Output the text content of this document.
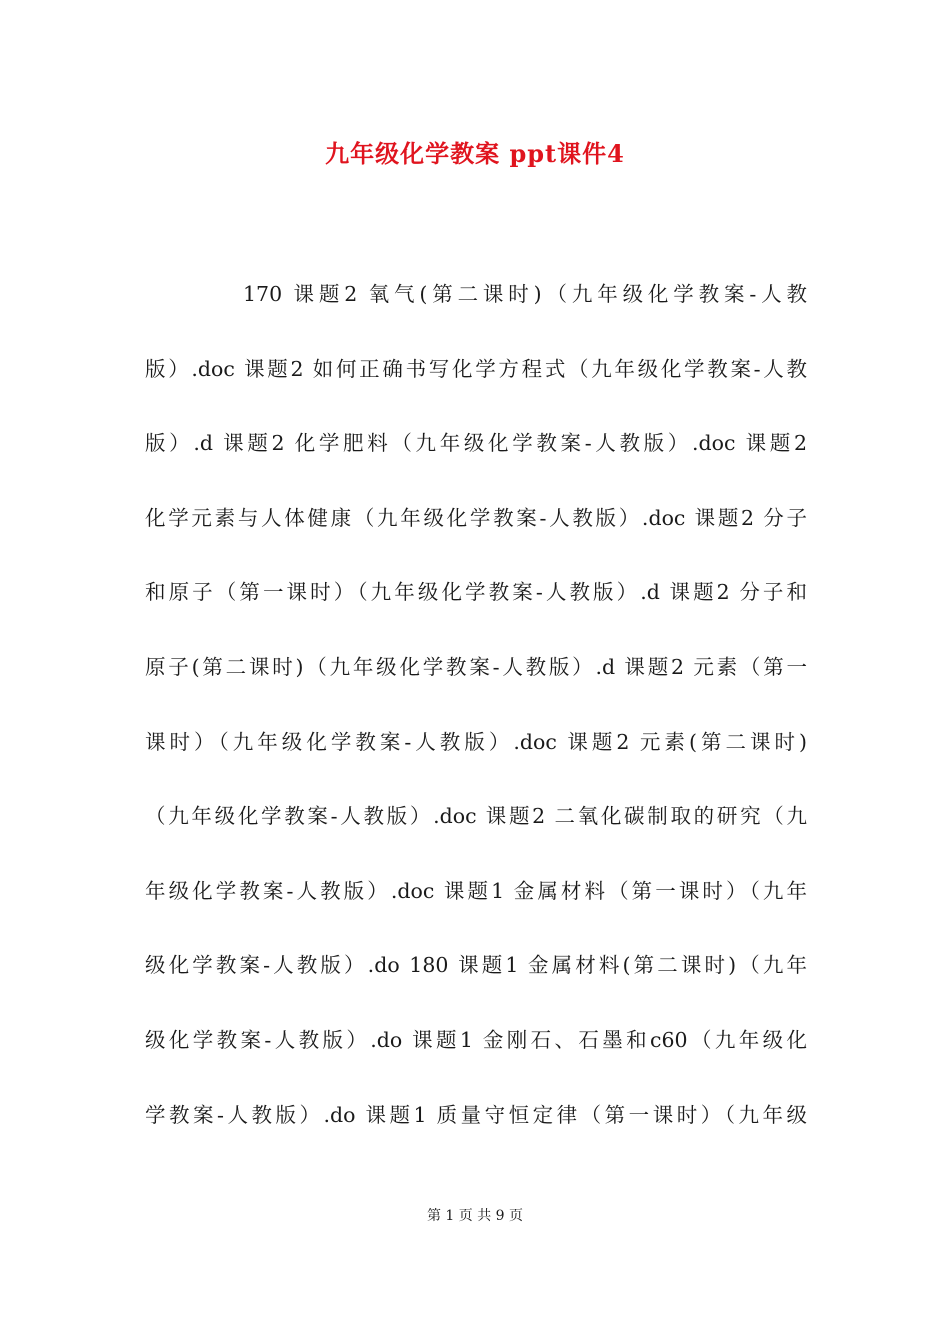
九年级化学教案 ppt课件4
170 课题2 氧气(第二课时)（九年级化学教案-人教
版）.doc 课题2 如何正确书写化学方程式（九年级化学教案-人教
版）.d 课题2 化学肥料（九年级化学教案-人教版）.doc 课题2
化学元素与人体健康（九年级化学教案-人教版）.doc 课题2 分子
和原子（第一课时）（九年级化学教案-人教版）.d 课题2 分子和
原子(第二课时)（九年级化学教案-人教版）.d 课题2 元素（第一
课时）（九年级化学教案-人教版）.doc 课题2 元素(第二课时)
（九年级化学教案-人教版）.doc 课题2 二氧化碳制取的研究（九
年级化学教案-人教版）.doc 课题1 金属材料（第一课时）（九年
级化学教案-人教版）.do 180 课题1 金属材料(第二课时)（九年
级化学教案-人教版）.do 课题1 金刚石、石墨和c60（九年级化
学教案-人教版）.do 课题1 质量守恒定律（第一课时）（九年级
第 1 页 共 9 页
